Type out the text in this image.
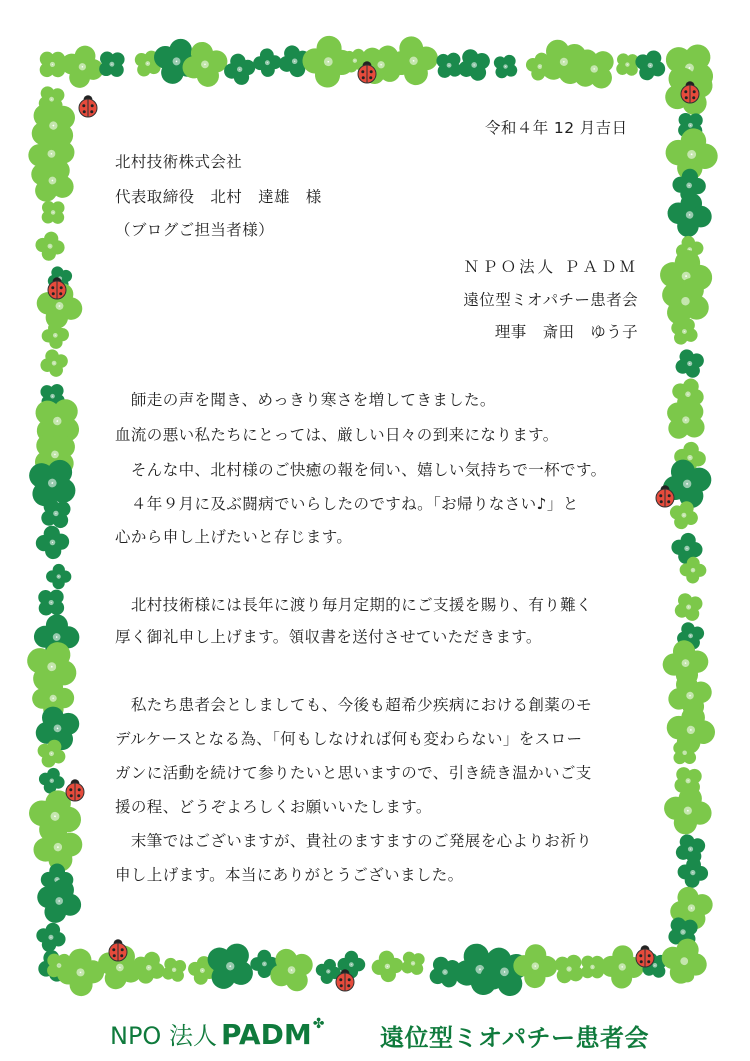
令和４年 12 月吉日
北村技術株式会社
代表取締役　北村　達雄　様
（ブログご担当者様）
ＮＰＯ法人 ＰＡＤＭ
遠位型ミオパチー患者会
理事　斎田　ゆう子
　師走の声を聞き、めっきり寒さを増してきました。
血流の悪い私たちにとっては、厳しい日々の到来になります。
　そんな中、北村様のご快癒の報を伺い、嬉しい気持ちで一杯です。
　４年９月に及ぶ闘病でいらしたのですね。「お帰りなさい♪」と
心から申し上げたいと存じます。
　北村技術様には長年に渡り毎月定期的にご支援を賜り、有り難く
厚く御礼申し上げます。領収書を送付させていただきます。
　私たち患者会としましても、今後も超希少疾病における創薬のモ
デルケースとなる為、「何もしなければ何も変わらない」をスロー
ガンに活動を続けて参りたいと思いますので、引き続き温かいご支
援の程、どうぞよろしくお願いいたします。
　末筆ではございますが、貴社のますますのご発展を心よりお祈り
申し上げます。本当にありがとうございました。
NPO 法人 PADM✤ 遠位型ミオパチー患者会
